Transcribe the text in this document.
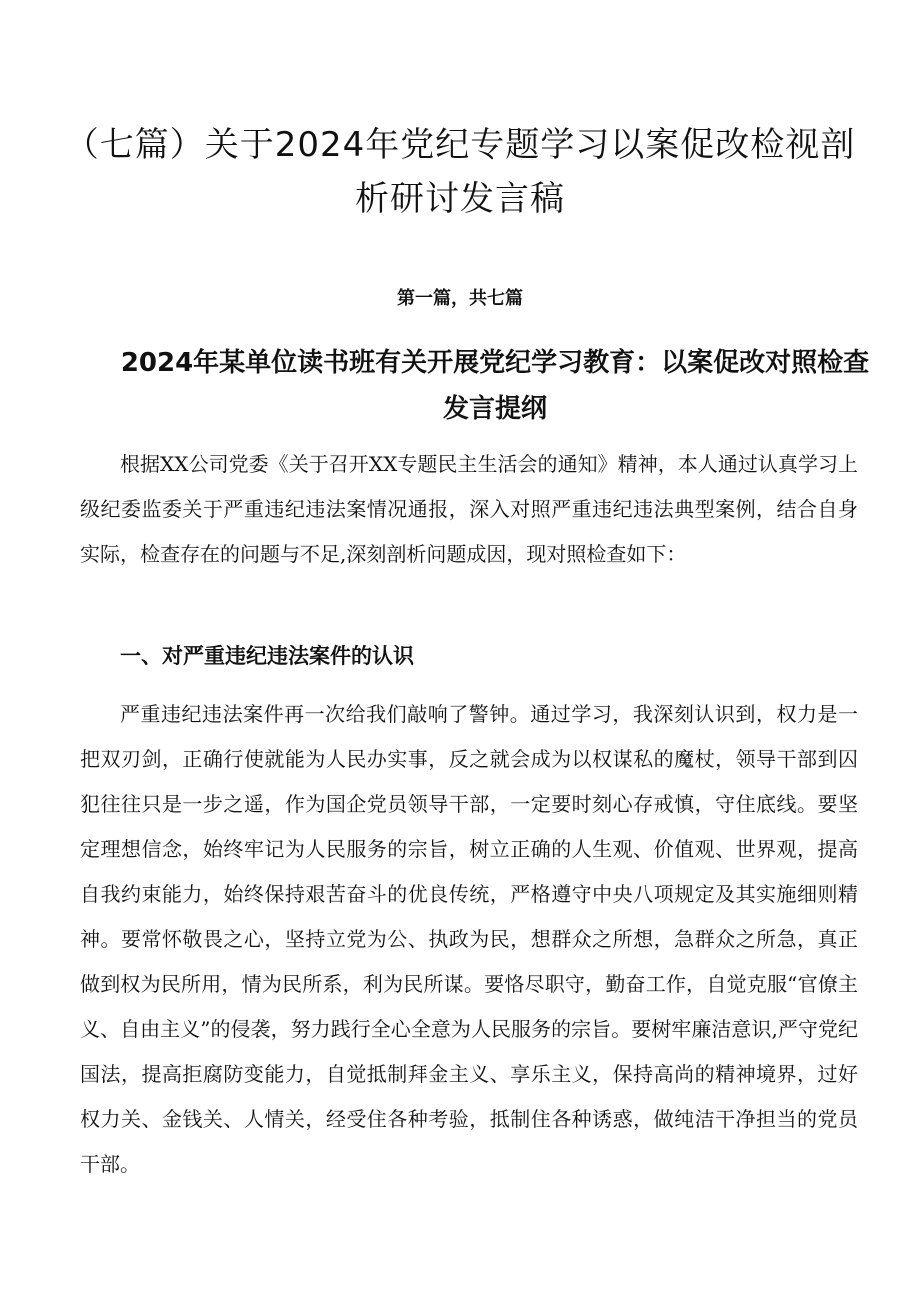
（七篇）关于2024年党纪专题学习以案促改检视剖析研讨发言稿

第一篇，共七篇

2024年某单位读书班有关开展党纪学习教育：以案促改对照检查发言提纲

根据XX公司党委《关于召开XX专题民主生活会的通知》精神，本人通过认真学习上级纪委监委关于严重违纪违法案情况通报，深入对照严重违纪违法典型案例，结合自身实际，检查存在的问题与不足,深刻剖析问题成因，现对照检查如下：

一、对严重违纪违法案件的认识

严重违纪违法案件再一次给我们敲响了警钟。通过学习，我深刻认识到，权力是一把双刃剑，正确行使就能为人民办实事，反之就会成为以权谋私的魔杖，领导干部到囚犯往往只是一步之遥，作为国企党员领导干部，一定要时刻心存戒慎，守住底线。要坚定理想信念，始终牢记为人民服务的宗旨，树立正确的人生观、价值观、世界观，提高自我约束能力，始终保持艰苦奋斗的优良传统，严格遵守中央八项规定及其实施细则精神。要常怀敬畏之心，坚持立党为公、执政为民，想群众之所想，急群众之所急，真正做到权为民所用，情为民所系，利为民所谋。要恪尽职守，勤奋工作，自觉克服“官僚主义、自由主义”的侵袭，努力践行全心全意为人民服务的宗旨。要树牢廉洁意识,严守党纪国法，提高拒腐防变能力，自觉抵制拜金主义、享乐主义，保持高尚的精神境界，过好权力关、金钱关、人情关，经受住各种考验，抵制住各种诱惑，做纯洁干净担当的党员干部。
